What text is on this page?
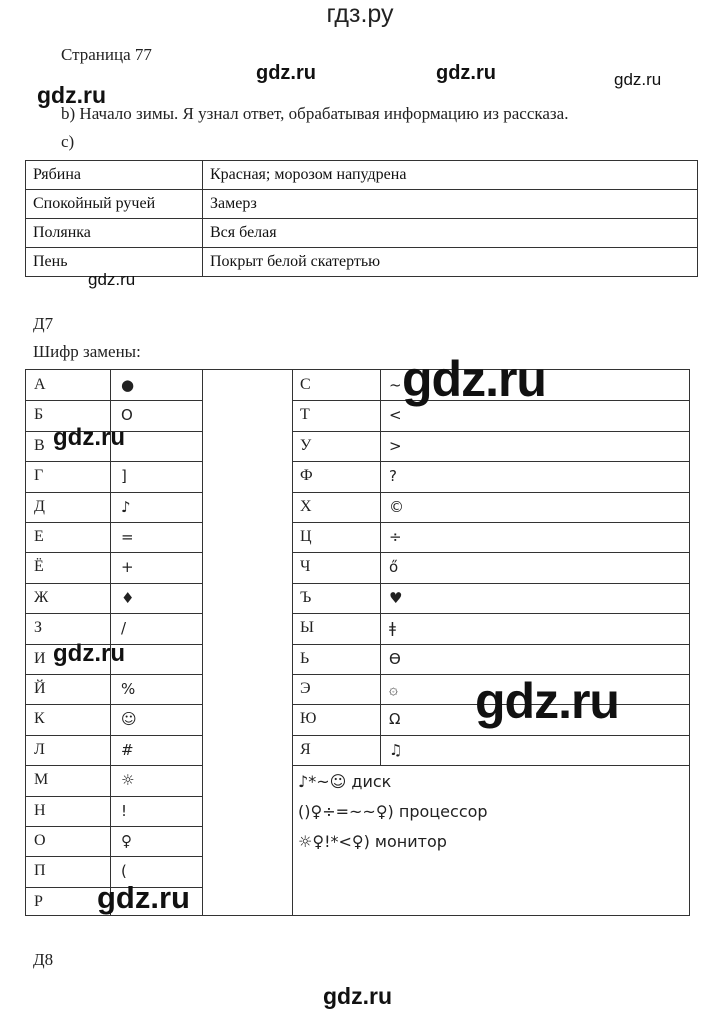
гдз.ру
Страница 77
gdz.ru	gdz.ru	gdz.ru
gdz.ru
b) Начало зимы. Я узнал ответ, обрабатывая информацию из рассказа.
c)
Рябина	Красная; морозом напудрена
Спокойный ручей	Замерз
Полянка	Вся белая
Пень	Покрыт белой скатертью
gdz.ru
Д7
Шифр замены:
А	●
Б	O
В
Г	]
Д	♪
Е	=
Ё	+
Ж	♦
З	/
И
Й	%
К	☺
Л	#
М	☼
Н	!
О	♀
П	(
Р
С	~
Т	<
У	>
Ф	?
Х	©
Ц	÷
Ч	ő
Ъ	♥
Ы	ǂ
Ь	Ɵ
Э	۞
Ю	Ω
Я	♫
gdz.ru
gdz.ru
gdz.ru
gdz.ru
gdz.ru
♪*~☺ диск
()♀÷=~~♀) процессор
☼♀!*<♀) монитор
Д8
gdz.ru
